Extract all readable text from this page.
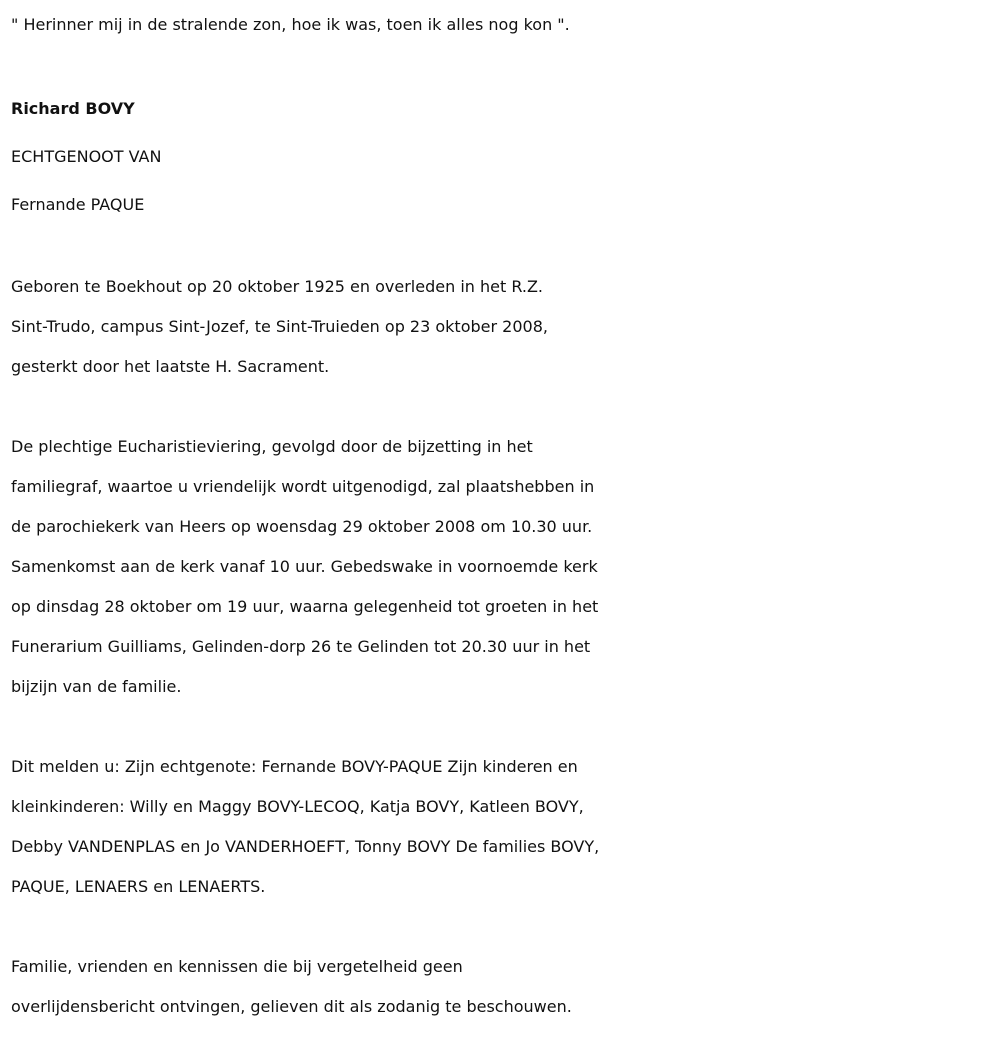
" Herinner mij in de stralende zon, hoe ik was, toen ik alles nog kon ".
Richard BOVY
ECHTGENOOT VAN
Fernande PAQUE
Geboren te Boekhout op 20 oktober 1925 en overleden in het R.Z.
Sint-Trudo, campus Sint-Jozef, te Sint-Truieden op 23 oktober 2008,
gesterkt door het laatste H. Sacrament.
De plechtige Eucharistieviering, gevolgd door de bijzetting in het
familiegraf, waartoe u vriendelijk wordt uitgenodigd, zal plaatshebben in
de parochiekerk van Heers op woensdag 29 oktober 2008 om 10.30 uur.
Samenkomst aan de kerk vanaf 10 uur. Gebedswake in voornoemde kerk
op dinsdag 28 oktober om 19 uur, waarna gelegenheid tot groeten in het
Funerarium Guilliams, Gelinden-dorp 26 te Gelinden tot 20.30 uur in het
bijzijn van de familie.
Dit melden u: Zijn echtgenote: Fernande BOVY-PAQUE Zijn kinderen en
kleinkinderen: Willy en Maggy BOVY-LECOQ, Katja BOVY, Katleen BOVY,
Debby VANDENPLAS en Jo VANDERHOEFT, Tonny BOVY De families BOVY,
PAQUE, LENAERS en LENAERTS.
Familie, vrienden en kennissen die bij vergetelheid geen
overlijdensbericht ontvingen, gelieven dit als zodanig te beschouwen.
